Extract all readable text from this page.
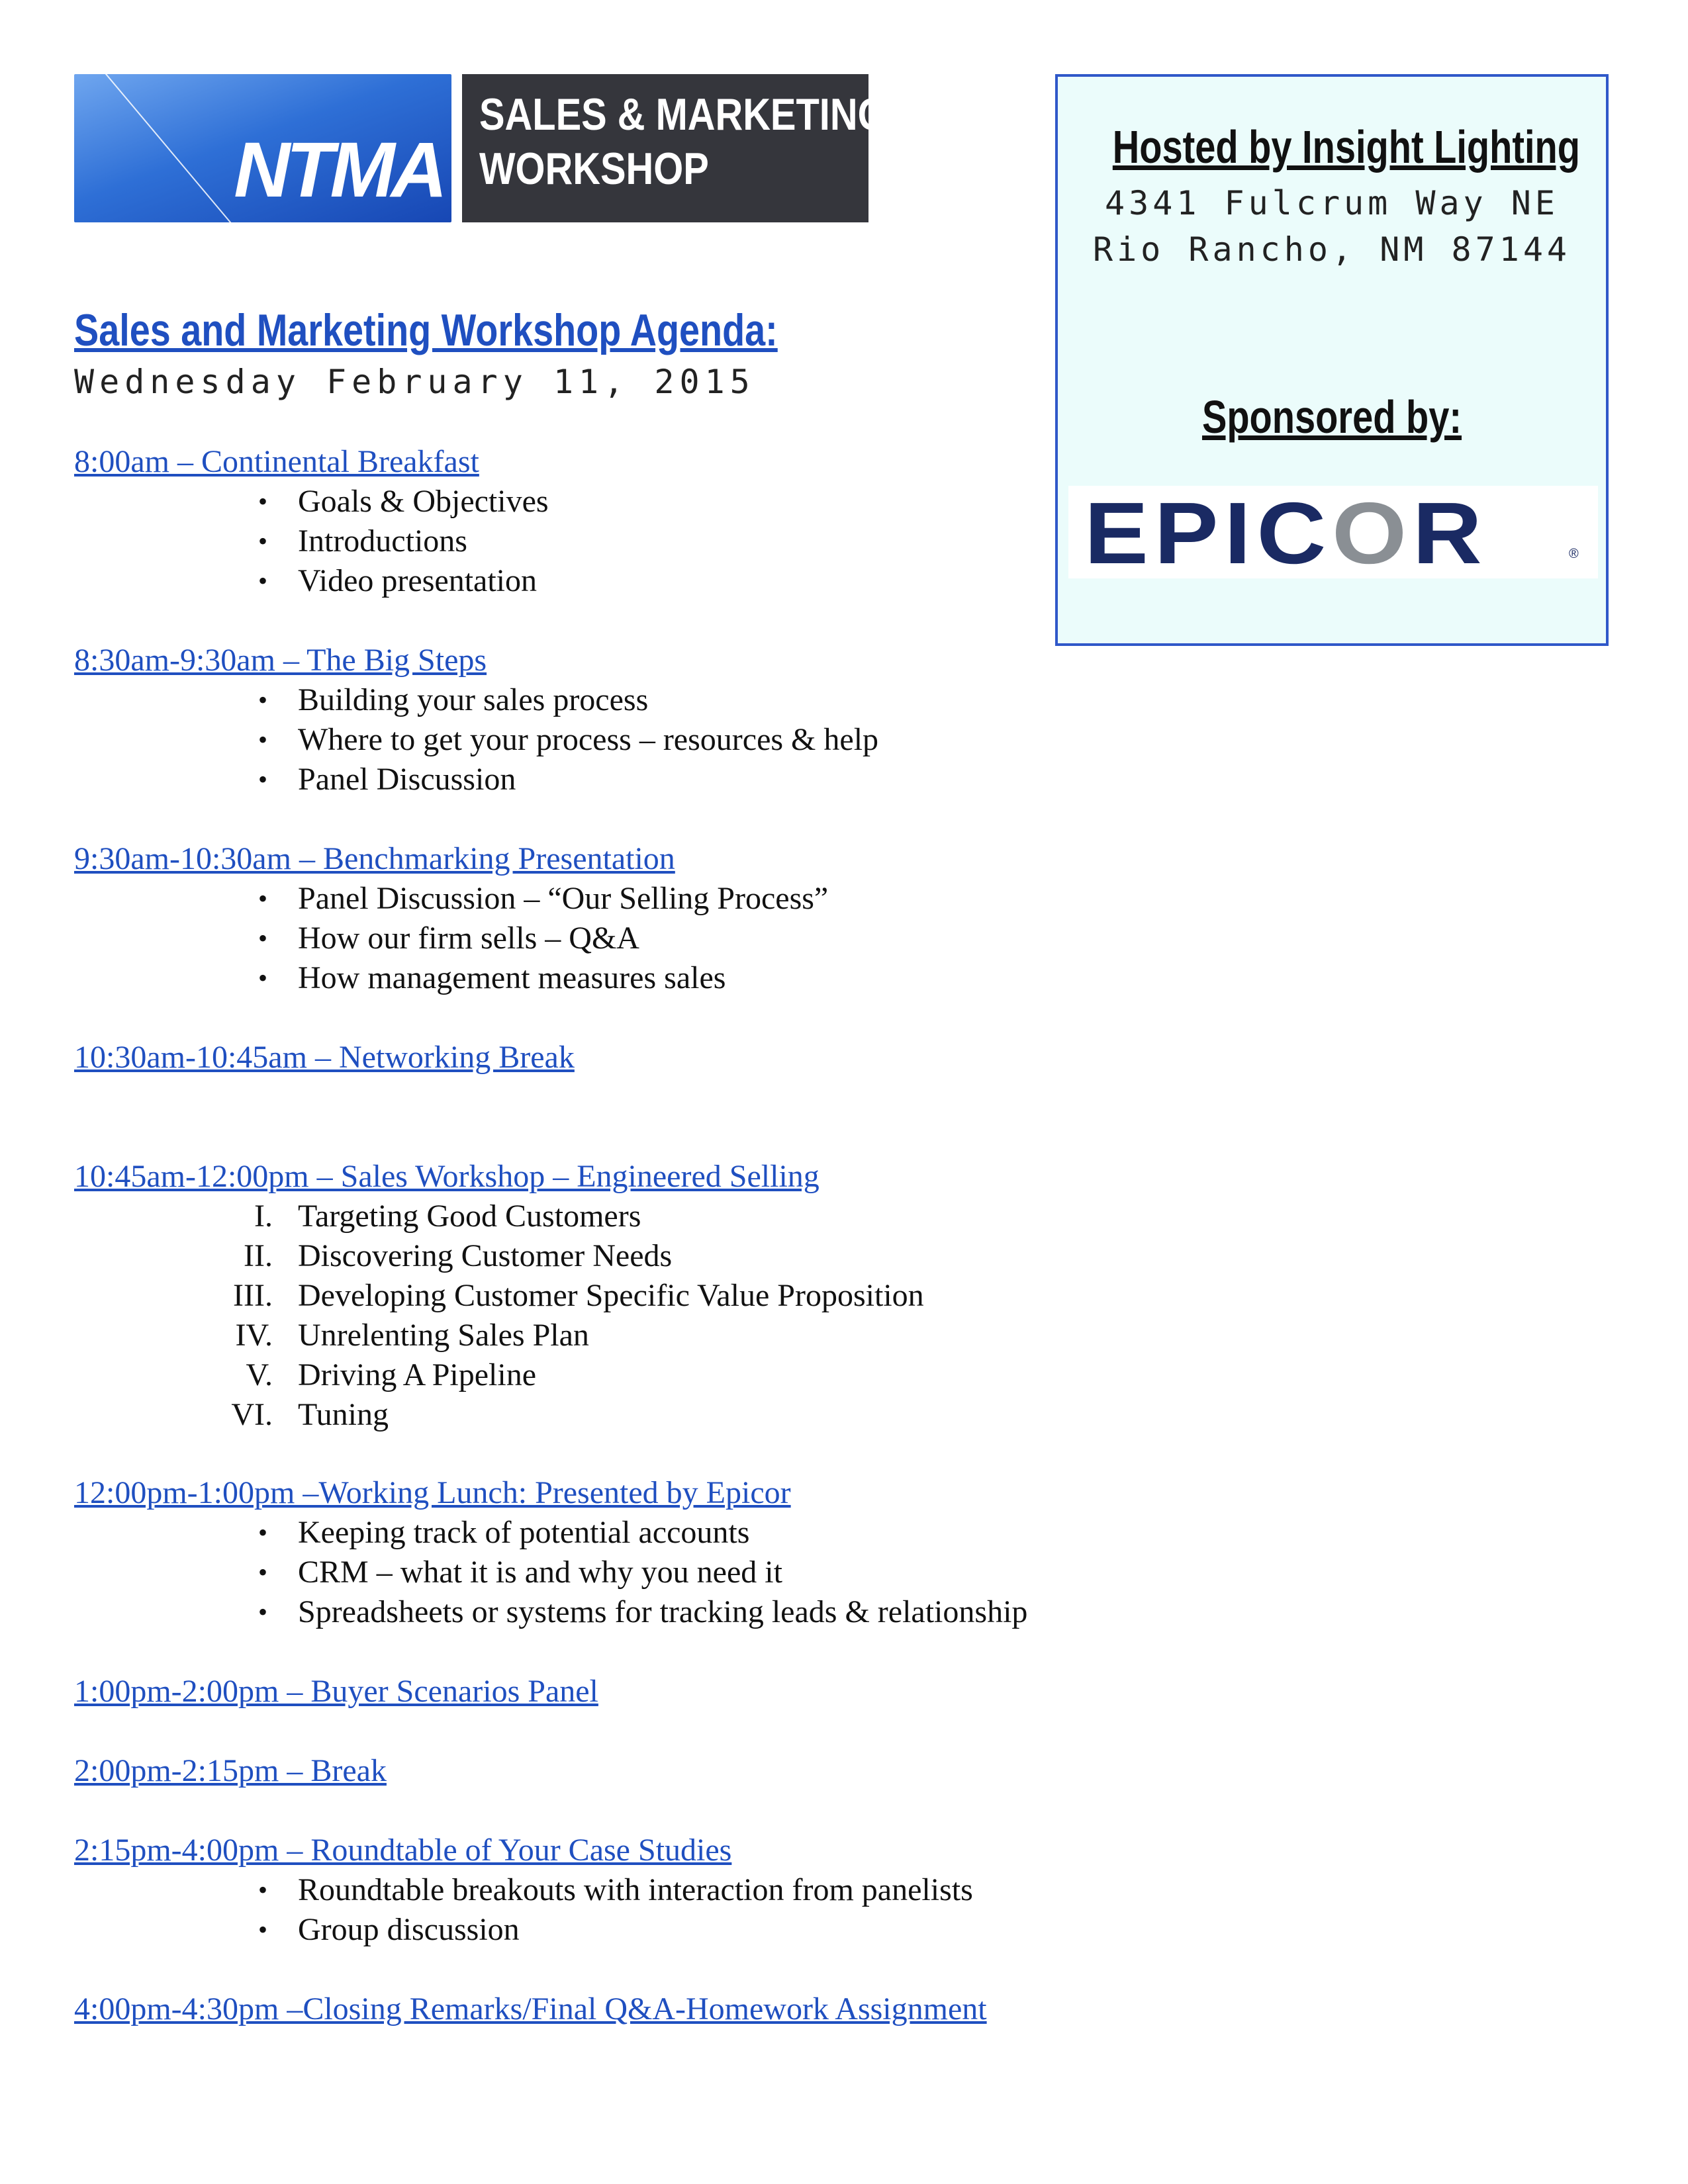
NTMA
SALES & MARKETING
WORKSHOP	Hosted by Insight Lighting
4341 Fulcrum Way NE
Rio Rancho, NM 87144
Sponsored by:
EPICOR	®
Sales and Marketing Workshop Agenda:
Wednesday February 11, 2015
8:00am – Continental Breakfast
• Goals & Objectives
• Introductions
• Video presentation
8:30am-9:30am – The Big Steps
• Building your sales process
• Where to get your process – resources & help
• Panel Discussion
9:30am-10:30am – Benchmarking Presentation
• Panel Discussion – “Our Selling Process”
• How our firm sells – Q&A
• How management measures sales
10:30am-10:45am – Networking Break
10:45am-12:00pm – Sales Workshop – Engineered Selling
I. Targeting Good Customers
II. Discovering Customer Needs
III. Developing Customer Specific Value Proposition
IV. Unrelenting Sales Plan
V. Driving A Pipeline
VI. Tuning
12:00pm-1:00pm –Working Lunch: Presented by Epicor
• Keeping track of potential accounts
• CRM – what it is and why you need it
• Spreadsheets or systems for tracking leads & relationship
1:00pm-2:00pm – Buyer Scenarios Panel
2:00pm-2:15pm – Break
2:15pm-4:00pm – Roundtable of Your Case Studies
• Roundtable breakouts with interaction from panelists
• Group discussion
4:00pm-4:30pm –Closing Remarks/Final Q&A-Homework Assignment
